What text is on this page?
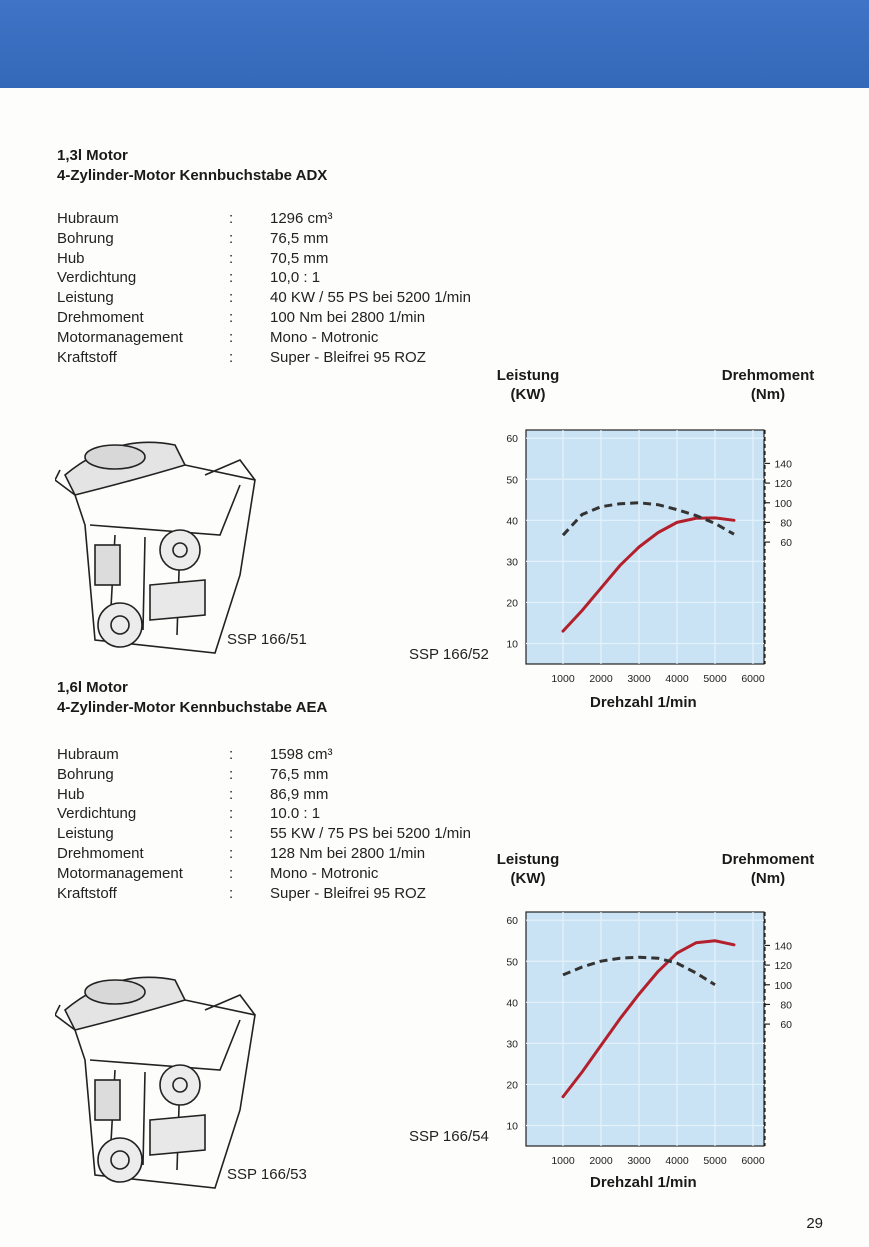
1,3l Motor
4-Zylinder-Motor Kennbuchstabe ADX
Hubraum	: 1296 cm³
Bohrung	: 76,5 mm
Hub	: 70,5 mm
Verdichtung	: 10,0 : 1
Leistung	: 40 KW / 55 PS bei 5200 1/min
Drehmoment	: 100 Nm bei 2800 1/min
Motormanagement	: Mono - Motronic
Kraftstoff	: Super - Bleifrei 95 ROZ
SSP 166/51
SSP 166/52
Leistung
(KW)
Drehmoment
(Nm)
1000 2000 3000 4000 5000 6000
10
20
30
40
50
60
60
80
100
120
140
Drehzahl 1/min
1,6l Motor
4-Zylinder-Motor Kennbuchstabe AEA
Hubraum	: 1598 cm³
Bohrung	: 76,5 mm
Hub	: 86,9 mm
Verdichtung	: 10.0 : 1
Leistung	: 55 KW / 75 PS bei 5200 1/min
Drehmoment	: 128 Nm bei 2800 1/min
Motormanagement	: Mono - Motronic
Kraftstoff	: Super - Bleifrei 95 ROZ
SSP 166/53
SSP 166/54
Leistung
(KW)
Drehmoment
(Nm)
1000 2000 3000 4000 5000 6000
10
20
30
40
50
60
60
80
100
120
140
Drehzahl 1/min
29
